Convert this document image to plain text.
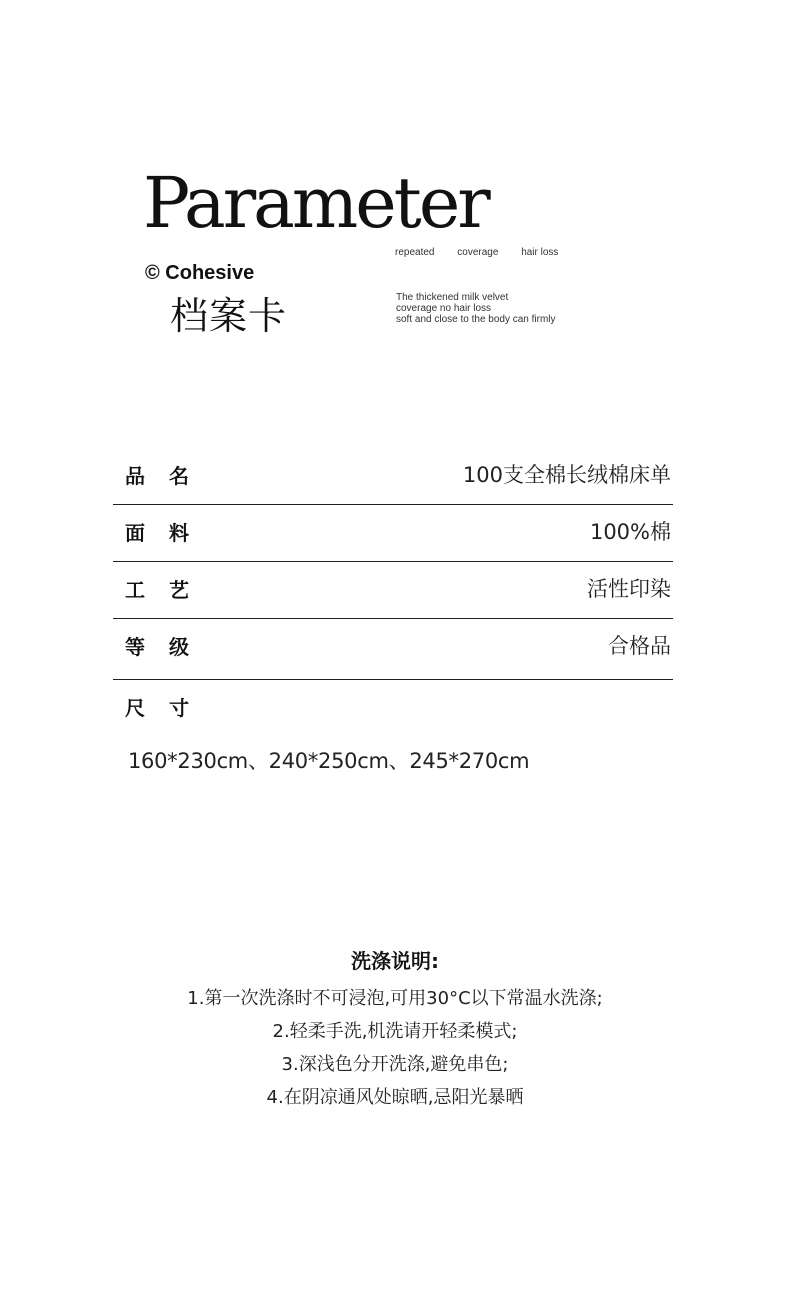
Parameter
repeated coverage hair loss
© Cohesive
档案卡	The thickened milk velvet
coverage no hair loss
soft and close to the body can firmly
品名	100支全棉长绒棉床单
面料	100%棉
工艺	活性印染
等级	合格品
尺寸
160*230cm、240*250cm、245*270cm
洗涤说明:
1.第一次洗涤时不可浸泡,可用30°C以下常温水洗涤;
2.轻柔手洗,机洗请开轻柔模式;
3.深浅色分开洗涤,避免串色;
4.在阴凉通风处晾晒,忌阳光暴晒
